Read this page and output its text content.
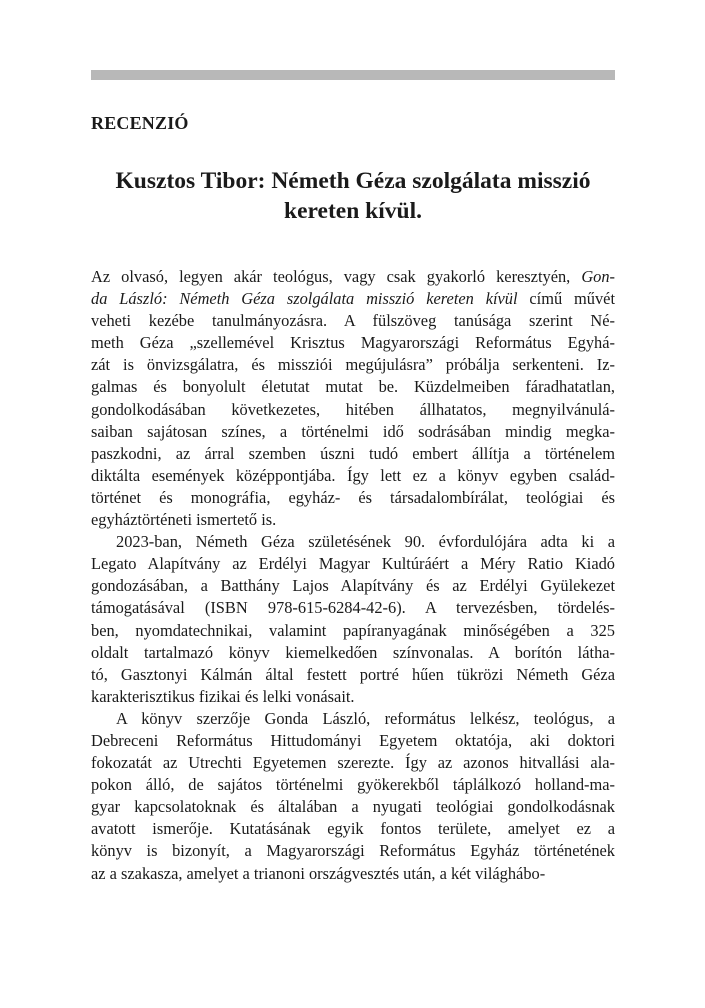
RECENZIÓ
Kusztos Tibor: Németh Géza szolgálata misszió kereten kívül.
Az olvasó, legyen akár teológus, vagy csak gyakorló keresztyén, Gon-
da László: Németh Géza szolgálata misszió kereten kívül című művét
veheti kezébe tanulmányozásra. A fülszöveg tanúsága szerint Né-
meth Géza „szellemével Krisztus Magyarországi Református Egyhá-
zát is önvizsgálatra, és missziói megújulásra” próbálja serkenteni. Iz-
galmas és bonyolult életutat mutat be. Küzdelmeiben fáradhatatlan,
gondolkodásában következetes, hitében állhatatos, megnyilvánulá-
saiban sajátosan színes, a történelmi idő sodrásában mindig megka-
paszkodni, az árral szemben úszni tudó embert állítja a történelem
diktálta események középpontjába. Így lett ez a könyv egyben család-
történet és monográfia, egyház- és társadalombírálat, teológiai és
egyháztörténeti ismertető is.
2023-ban, Németh Géza születésének 90. évfordulójára adta ki a
Legato Alapítvány az Erdélyi Magyar Kultúráért a Méry Ratio Kiadó
gondozásában, a Batthány Lajos Alapítvány és az Erdélyi Gyülekezet
támogatásával (ISBN 978-615-6284-42-6). A tervezésben, tördelés-
ben, nyomdatechnikai, valamint papíranyagának minőségében a 325
oldalt tartalmazó könyv kiemelkedően színvonalas. A borítón látha-
tó, Gasztonyi Kálmán által festett portré hűen tükrözi Németh Géza
karakterisztikus fizikai és lelki vonásait.
A könyv szerzője Gonda László, református lelkész, teológus, a
Debreceni Református Hittudományi Egyetem oktatója, aki doktori
fokozatát az Utrechti Egyetemen szerezte. Így az azonos hitvallási ala-
pokon álló, de sajátos történelmi gyökerekből táplálkozó holland-ma-
gyar kapcsolatoknak és általában a nyugati teológiai gondolkodásnak
avatott ismerője. Kutatásának egyik fontos területe, amelyet ez a
könyv is bizonyít, a Magyarországi Református Egyház történetének
az a szakasza, amelyet a trianoni országvesztés után, a két világhábo-
